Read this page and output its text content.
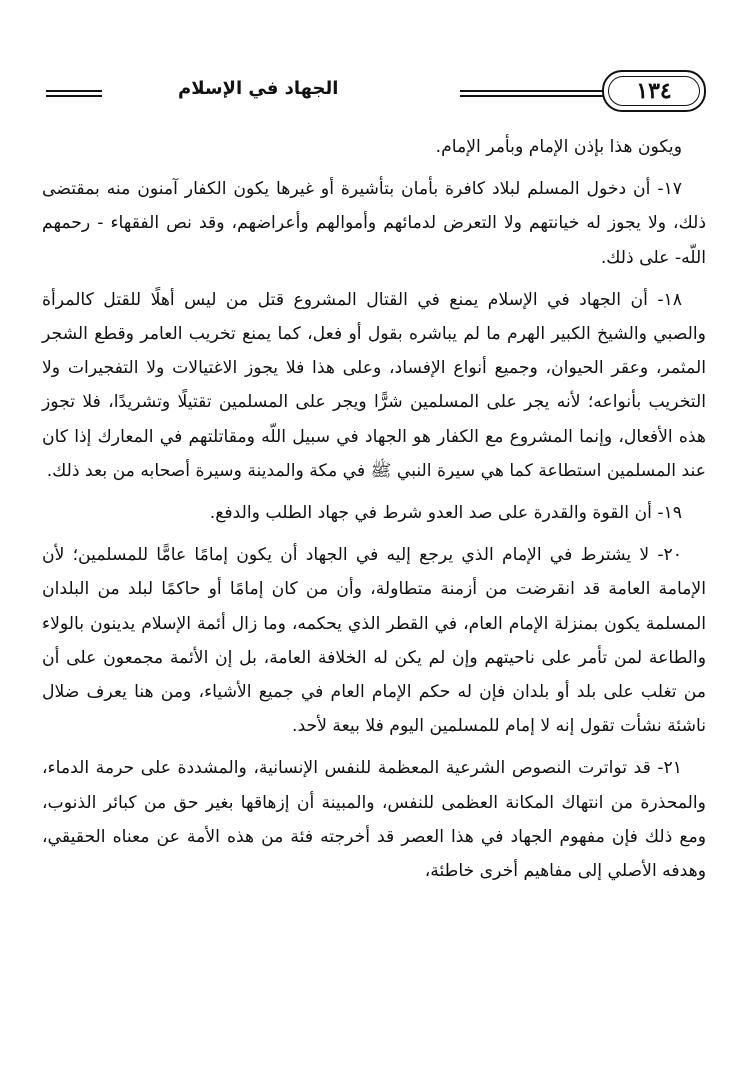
١٣٤
الجهاد في الإسلام

ويكون هذا بإذن الإمام وبأمر الإمام.

١٧- أن دخول المسلم لبلاد كافرة بأمان بتأشيرة أو غيرها يكون الكفار آمنون منه بمقتضى ذلك، ولا يجوز له خيانتهم ولا التعرض لدمائهم وأموالهم وأعراضهم، وقد نص الفقهاء - رحمهم اللّه- على ذلك.

١٨- أن الجهاد في الإسلام يمنع في القتال المشروع قتل من ليس أهلًا للقتل كالمرأة والصبي والشيخ الكبير الهرم ما لم يباشره بقول أو فعل، كما يمنع تخريب العامر وقطع الشجر المثمر، وعقر الحيوان، وجميع أنواع الإفساد، وعلى هذا فلا يجوز الاغتيالات ولا التفجيرات ولا التخريب بأنواعه؛ لأنه يجر على المسلمين شرًّا ويجر على المسلمين تقتيلًا وتشريدًا، فلا تجوز هذه الأفعال، وإنما المشروع مع الكفار هو الجهاد في سبيل اللّه ومقاتلتهم في المعارك إذا كان عند المسلمين استطاعة كما هي سيرة النبي ﷺ في مكة والمدينة وسيرة أصحابه من بعد ذلك.

١٩- أن القوة والقدرة على صد العدو شرط في جهاد الطلب والدفع.

٢٠- لا يشترط في الإمام الذي يرجع إليه في الجهاد أن يكون إمامًا عامًّا للمسلمين؛ لأن الإمامة العامة قد انقرضت من أزمنة متطاولة، وأن من كان إمامًا أو حاكمًا لبلد من البلدان المسلمة يكون بمنزلة الإمام العام، في القطر الذي يحكمه، وما زال أئمة الإسلام يدينون بالولاء والطاعة لمن تأمر على ناحيتهم وإن لم يكن له الخلافة العامة، بل إن الأئمة مجمعون على أن من تغلب على بلد أو بلدان فإن له حكم الإمام العام في جميع الأشياء، ومن هنا يعرف ضلال ناشئة نشأت تقول إنه لا إمام للمسلمين اليوم فلا بيعة لأحد.

٢١- قد تواترت النصوص الشرعية المعظمة للنفس الإنسانية، والمشددة على حرمة الدماء، والمحذرة من انتهاك المكانة العظمى للنفس، والمبينة أن إزهاقها بغير حق من كبائر الذنوب، ومع ذلك فإن مفهوم الجهاد في هذا العصر قد أخرجته فئة من هذه الأمة عن معناه الحقيقي، وهدفه الأصلي إلى مفاهيم أخرى خاطئة،
